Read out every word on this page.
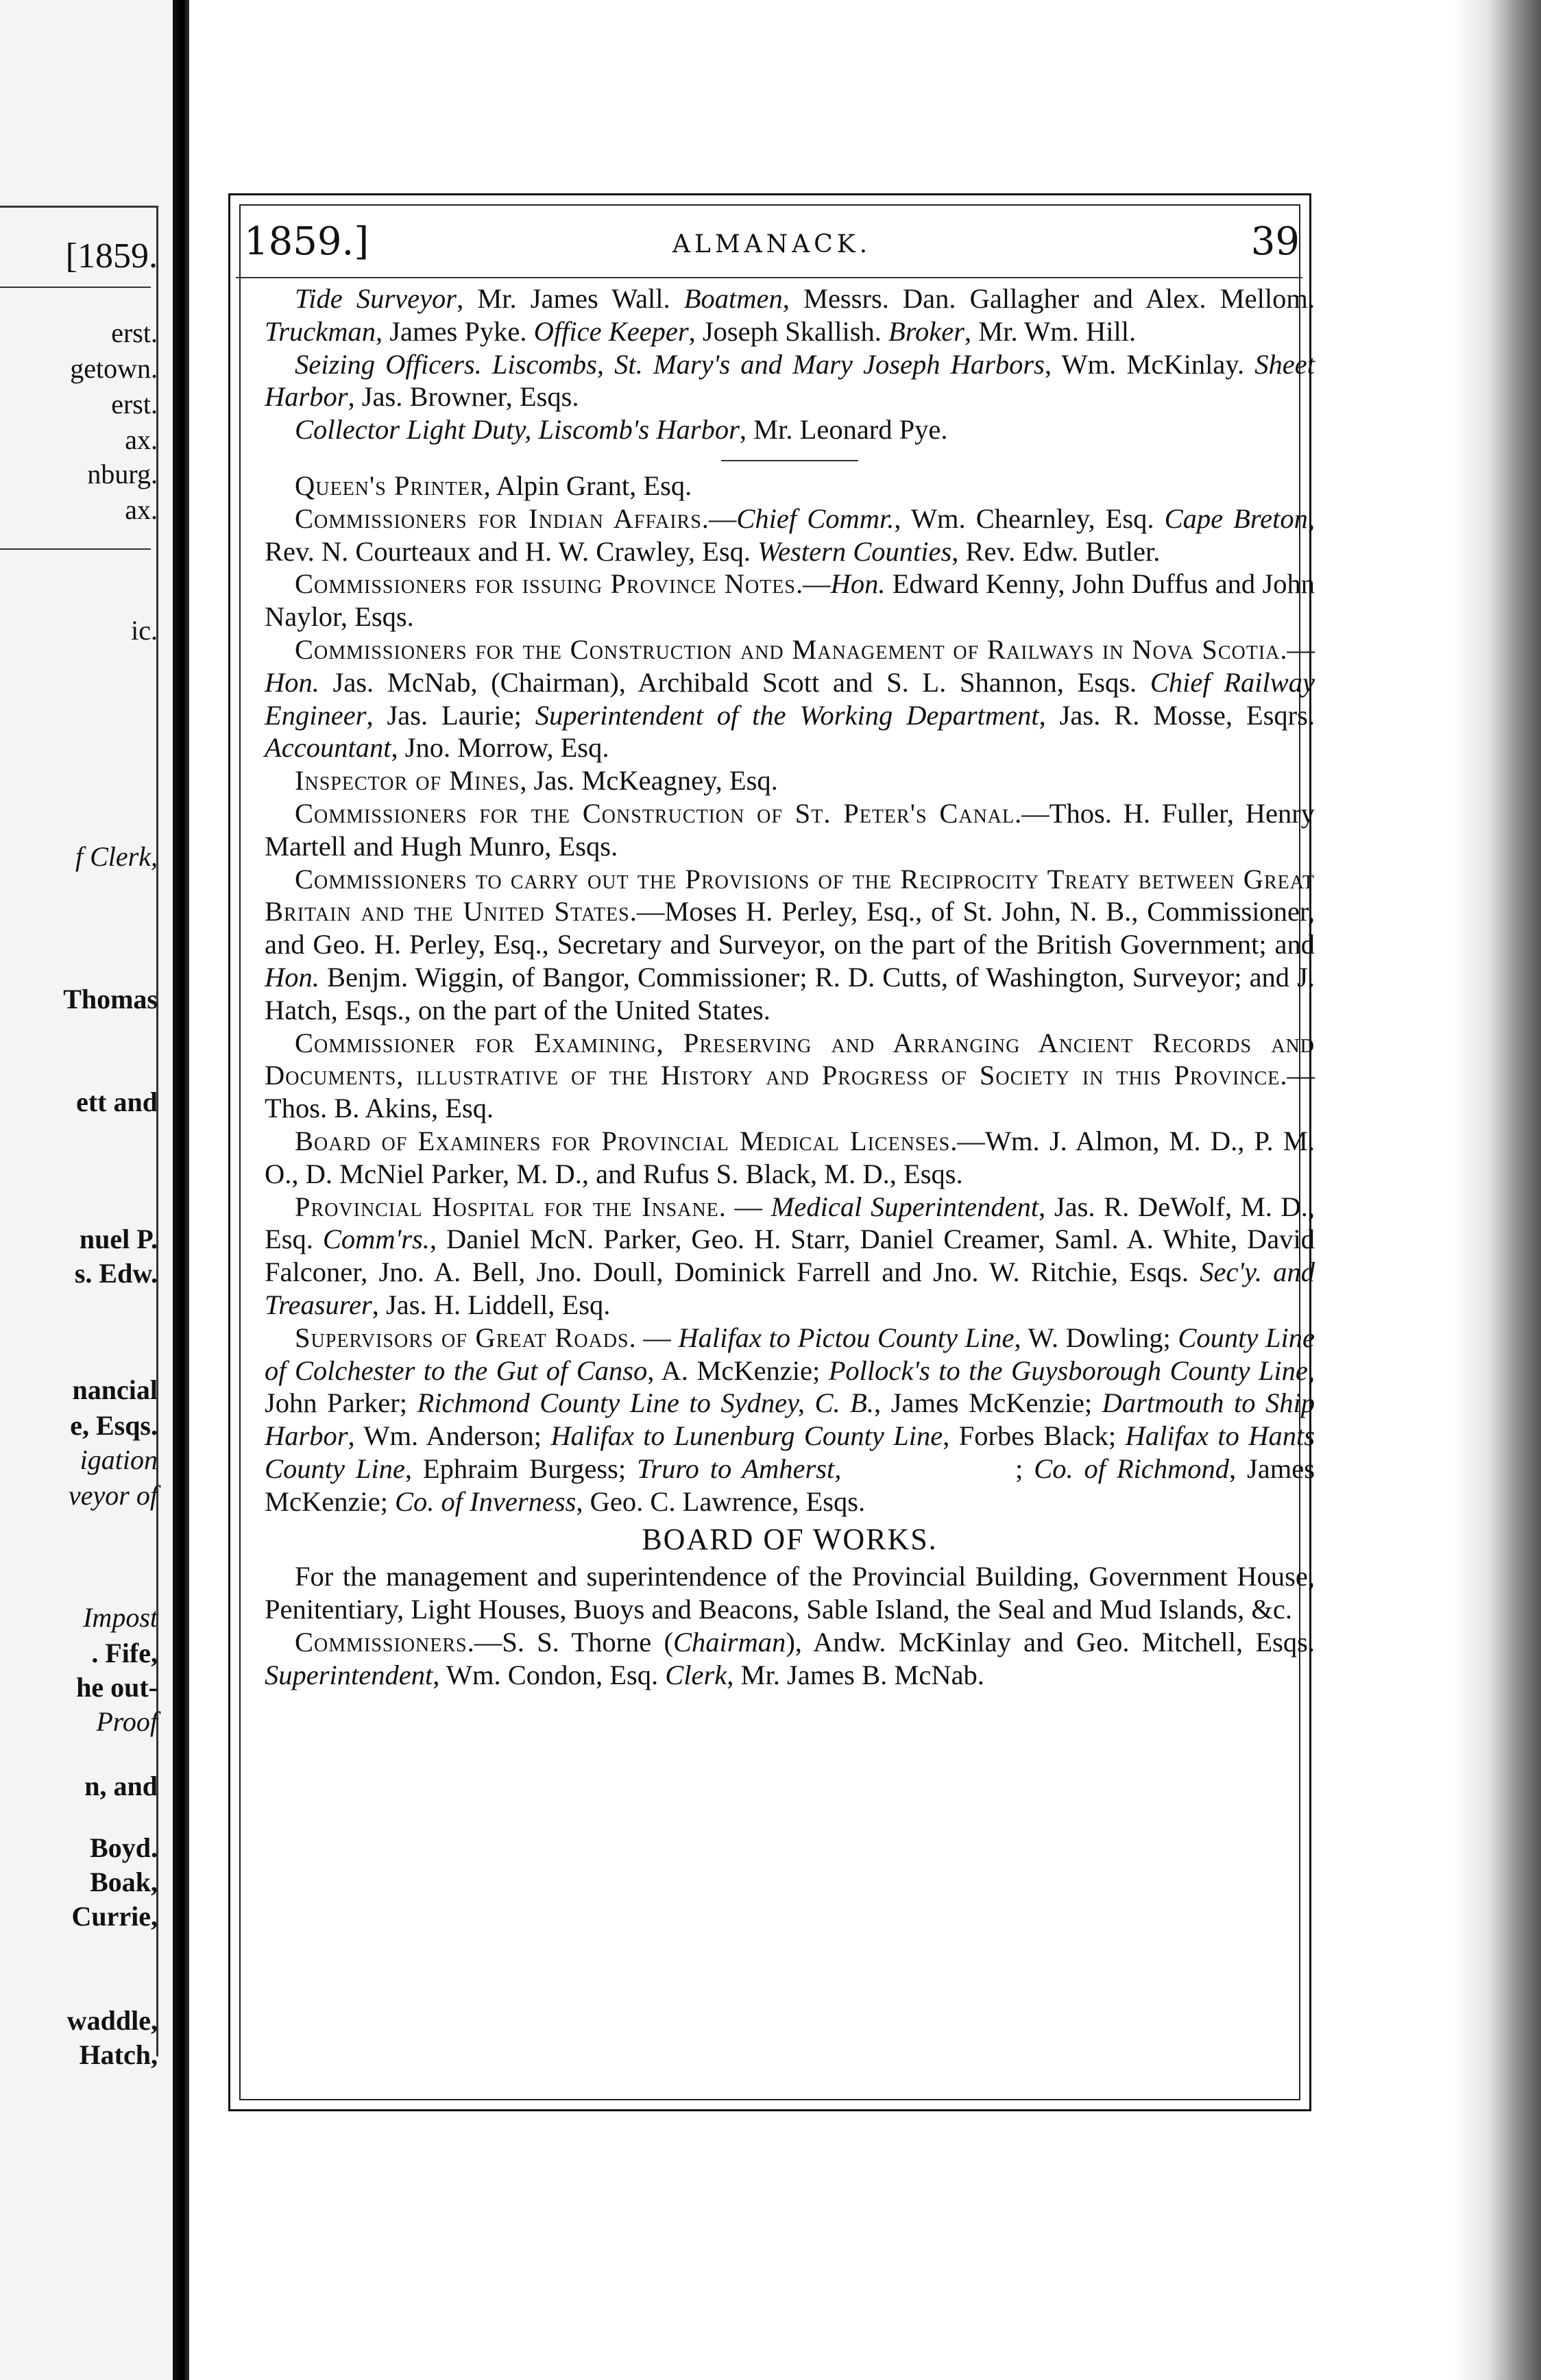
[1859.
erst.
getown.
erst.
ax.
nburg.
ax.
ic.
f Clerk,
Thomas
ett and
nuel P.
s. Edw.
nancial
e, Esqs.
igation
veyor of
Impost
. Fife,
he out-
Proof
n, and
Boyd.
Boak,
Currie,
waddle,
Hatch,
1859.]	ALMANACK.	39

Tide Surveyor, Mr. James Wall. Boatmen, Messrs. Dan. Gallagher and Alex. Mellom. Truckman, James Pyke. Office Keeper, Joseph Skallish. Broker, Mr. Wm. Hill.

Seizing Officers. Liscombs, St. Mary's and Mary Joseph Harbors, Wm. McKinlay. Sheet Harbor, Jas. Browner, Esqs.

Collector Light Duty, Liscomb's Harbor, Mr. Leonard Pye.

Queen's Printer, Alpin Grant, Esq.

Commissioners for Indian Affairs.—Chief Commr., Wm. Chearnley, Esq. Cape Breton, Rev. N. Courteaux and H. W. Crawley, Esq. Western Counties, Rev. Edw. Butler.

Commissioners for issuing Province Notes.—Hon. Edward Kenny, John Duffus and John Naylor, Esqs.

Commissioners for the Construction and Management of Railways in Nova Scotia.—Hon. Jas. McNab, (Chairman), Archibald Scott and S. L. Shannon, Esqs. Chief Railway Engineer, Jas. Laurie; Superintendent of the Working Department, Jas. R. Mosse, Esqrs. Accountant, Jno. Morrow, Esq.

Inspector of Mines, Jas. McKeagney, Esq.

Commissioners for the Construction of St. Peter's Canal.—Thos. H. Fuller, Henry Martell and Hugh Munro, Esqs.

Commissioners to carry out the Provisions of the Reciprocity Treaty between Great Britain and the United States.—Moses H. Perley, Esq., of St. John, N. B., Commissioner, and Geo. H. Perley, Esq., Secretary and Surveyor, on the part of the British Government; and Hon. Benjm. Wiggin, of Bangor, Commissioner; R. D. Cutts, of Washington, Surveyor; and J. Hatch, Esqs., on the part of the United States.

Commissioner for Examining, Preserving and Arranging Ancient Records and Documents, illustrative of the History and Progress of Society in this Province.—Thos. B. Akins, Esq.

Board of Examiners for Provincial Medical Licenses.—Wm. J. Almon, M. D., P. M. O., D. McNiel Parker, M. D., and Rufus S. Black, M. D., Esqs.

Provincial Hospital for the Insane. — Medical Superintendent, Jas. R. DeWolf, M. D., Esq. Comm'rs., Daniel McN. Parker, Geo. H. Starr, Daniel Creamer, Saml. A. White, David Falconer, Jno. A. Bell, Jno. Doull, Dominick Farrell and Jno. W. Ritchie, Esqs. Sec'y. and Treasurer, Jas. H. Liddell, Esq.

Supervisors of Great Roads. — Halifax to Pictou County Line, W. Dowling; County Line of Colchester to the Gut of Canso, A. McKenzie; Pollock's to the Guysborough County Line, John Parker; Richmond County Line to Sydney, C. B., James McKenzie; Dartmouth to Ship Harbor, Wm. Anderson; Halifax to Lunenburg County Line, Forbes Black; Halifax to Hants County Line, Ephraim Burgess; Truro to Amherst,                ; Co. of Richmond, James McKenzie; Co. of Inverness, Geo. C. Lawrence, Esqs.

BOARD OF WORKS.

For the management and superintendence of the Provincial Building, Government House, Penitentiary, Light Houses, Buoys and Beacons, Sable Island, the Seal and Mud Islands, &c.

Commissioners.—S. S. Thorne (Chairman), Andw. McKinlay and Geo. Mitchell, Esqs. Superintendent, Wm. Condon, Esq. Clerk, Mr. James B. McNab.
